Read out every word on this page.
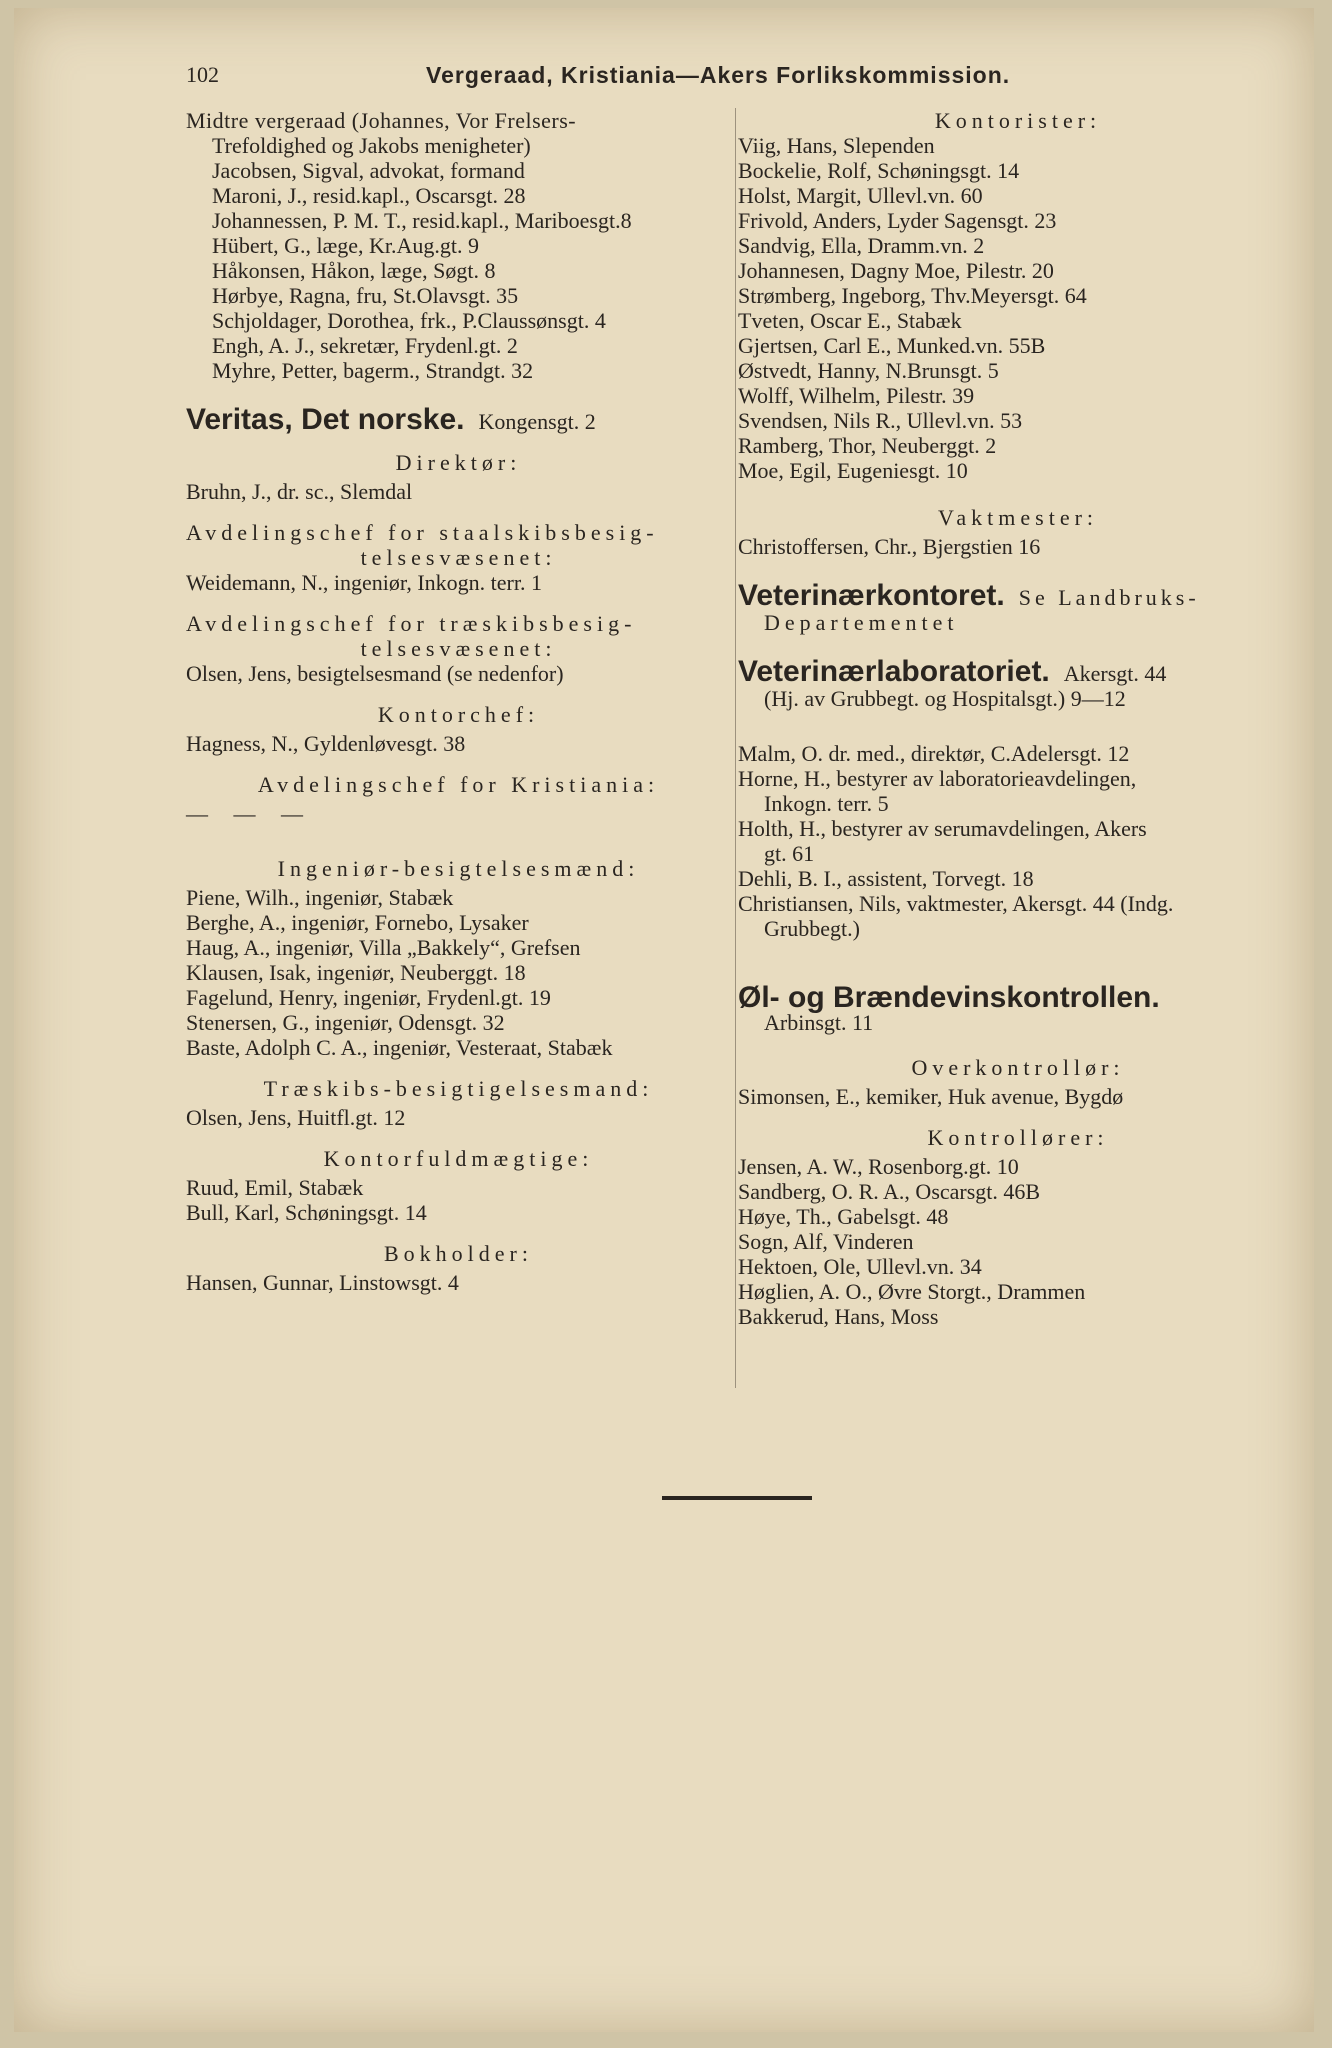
102	Vergeraad, Kristiania—Akers Forlikskommission.
Midtre vergeraad (Johannes, Vor Frelsers-
Trefoldighed og Jakobs menigheter)
Jacobsen, Sigval, advokat, formand
Maroni, J., resid.kapl., Oscarsgt. 28
Johannessen, P. M. T., resid.kapl., Mariboesgt.8
Hübert, G., læge, Kr.Aug.gt. 9
Håkonsen, Håkon, læge, Søgt. 8
Hørbye, Ragna, fru, St.Olavsgt. 35
Schjoldager, Dorothea, frk., P.Claussønsgt. 4
Engh, A. J., sekretær, Frydenl.gt. 2
Myhre, Petter, bagerm., Strandgt. 32
Veritas, Det norske. Kongensgt. 2
Direktør:
Bruhn, J., dr. sc., Slemdal
Avdelingschef for staalskibsbesig-
telsesvæsenet:
Weidemann, N., ingeniør, Inkogn. terr. 1
Avdelingschef for træskibsbesig-
telsesvæsenet:
Olsen, Jens, besigtelsesmand (se nedenfor)
Kontorchef:
Hagness, N., Gyldenløvesgt. 38
Avdelingschef for Kristiania:
— — —
Ingeniør-besigtelsesmænd:
Piene, Wilh., ingeniør, Stabæk
Berghe, A., ingeniør, Fornebo, Lysaker
Haug, A., ingeniør, Villa „Bakkely“, Grefsen
Klausen, Isak, ingeniør, Neuberggt. 18
Fagelund, Henry, ingeniør, Frydenl.gt. 19
Stenersen, G., ingeniør, Odensgt. 32
Baste, Adolph C. A., ingeniør, Vesteraat, Stabæk
Træskibs-besigtigelsesmand:
Olsen, Jens, Huitfl.gt. 12
Kontorfuldmægtige:
Ruud, Emil, Stabæk
Bull, Karl, Schøningsgt. 14
Bokholder:
Hansen, Gunnar, Linstowsgt. 4
Kontorister:
Viig, Hans, Slependen
Bockelie, Rolf, Schøningsgt. 14
Holst, Margit, Ullevl.vn. 60
Frivold, Anders, Lyder Sagensgt. 23
Sandvig, Ella, Dramm.vn. 2
Johannesen, Dagny Moe, Pilestr. 20
Strømberg, Ingeborg, Thv.Meyersgt. 64
Tveten, Oscar E., Stabæk
Gjertsen, Carl E., Munked.vn. 55B
Østvedt, Hanny, N.Brunsgt. 5
Wolff, Wilhelm, Pilestr. 39
Svendsen, Nils R., Ullevl.vn. 53
Ramberg, Thor, Neuberggt. 2
Moe, Egil, Eugeniesgt. 10
Vaktmester:
Christoffersen, Chr., Bjergstien 16
Veterinærkontoret. Se Landbruks-
Departementet
Veterinærlaboratoriet. Akersgt. 44
(Hj. av Grubbegt. og Hospitalsgt.) 9—12
Malm, O. dr. med., direktør, C.Adelersgt. 12
Horne, H., bestyrer av laboratorieavdelingen,
Inkogn. terr. 5
Holth, H., bestyrer av serumavdelingen, Akers
gt. 61
Dehli, B. I., assistent, Torvegt. 18
Christiansen, Nils, vaktmester, Akersgt. 44 (Indg.
Grubbegt.)
Øl- og Brændevinskontrollen.
Arbinsgt. 11
Overkontrollør:
Simonsen, E., kemiker, Huk avenue, Bygdø
Kontrollører:
Jensen, A. W., Rosenborg.gt. 10
Sandberg, O. R. A., Oscarsgt. 46B
Høye, Th., Gabelsgt. 48
Sogn, Alf, Vinderen
Hektoen, Ole, Ullevl.vn. 34
Høglien, A. O., Øvre Storgt., Drammen
Bakkerud, Hans, Moss
